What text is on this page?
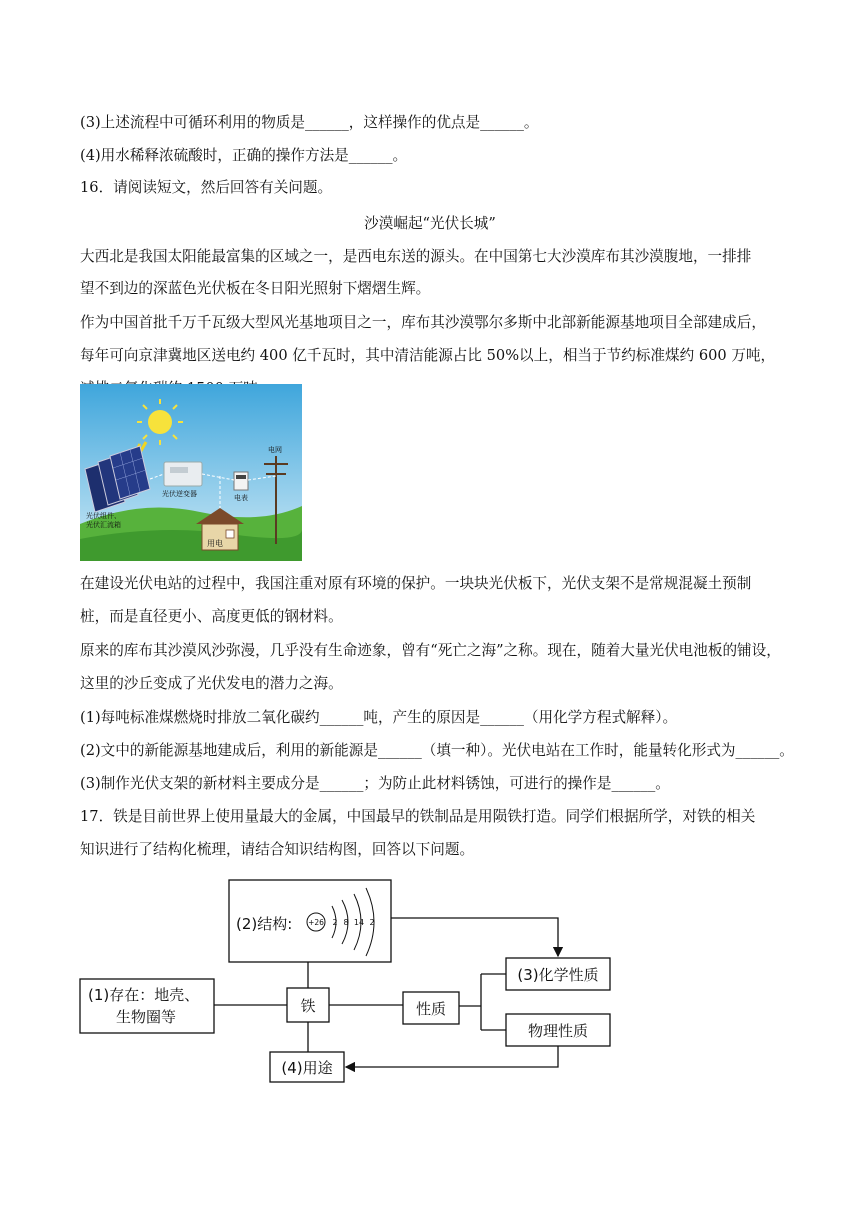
(3)上述流程中可循环利用的物质是______，这样操作的优点是______。
(4)用水稀释浓硫酸时，正确的操作方法是______。
16．请阅读短文，然后回答有关问题。
沙漠崛起“光伏长城”
大西北是我国太阳能最富集的区域之一，是西电东送的源头。在中国第七大沙漠库布其沙漠腹地，一排排
望不到边的深蓝色光伏板在冬日阳光照射下熠熠生辉。
作为中国首批千万千瓦级大型风光基地项目之一，库布其沙漠鄂尔多斯中北部新能源基地项目全部建成后，
每年可向京津冀地区送电约 400 亿千瓦时，其中清洁能源占比 50%以上，相当于节约标准煤约 600 万吨，
光伏组件、
光伏汇流箱
光伏逆变器	电表
电网
用电
在建设光伏电站的过程中，我国注重对原有环境的保护。一块块光伏板下，光伏支架不是常规混凝土预制
桩，而是直径更小、高度更低的钢材料。
原来的库布其沙漠风沙弥漫，几乎没有生命迹象，曾有“死亡之海”之称。现在，随着大量光伏电池板的铺设，
这里的沙丘变成了光伏发电的潜力之海。
(1)每吨标准煤燃烧时排放二氧化碳约______吨，产生的原因是______（用化学方程式解释）。
(2)文中的新能源基地建成后，利用的新能源是______（填一种）。光伏电站在工作时，能量转化形式为______。
(3)制作光伏支架的新材料主要成分是______；为防止此材料锈蚀，可进行的操作是______。
17．铁是目前世界上使用量最大的金属，中国最早的铁制品是用陨铁打造。同学们根据所学，对铁的相关
知识进行了结构化梳理，请结合知识结构图，回答以下问题。
(2)结构: +26 2 8 14 2
(1)存在：地壳、
生物圈等
铁	性质
(3)化学性质
物理性质
(4)用途
